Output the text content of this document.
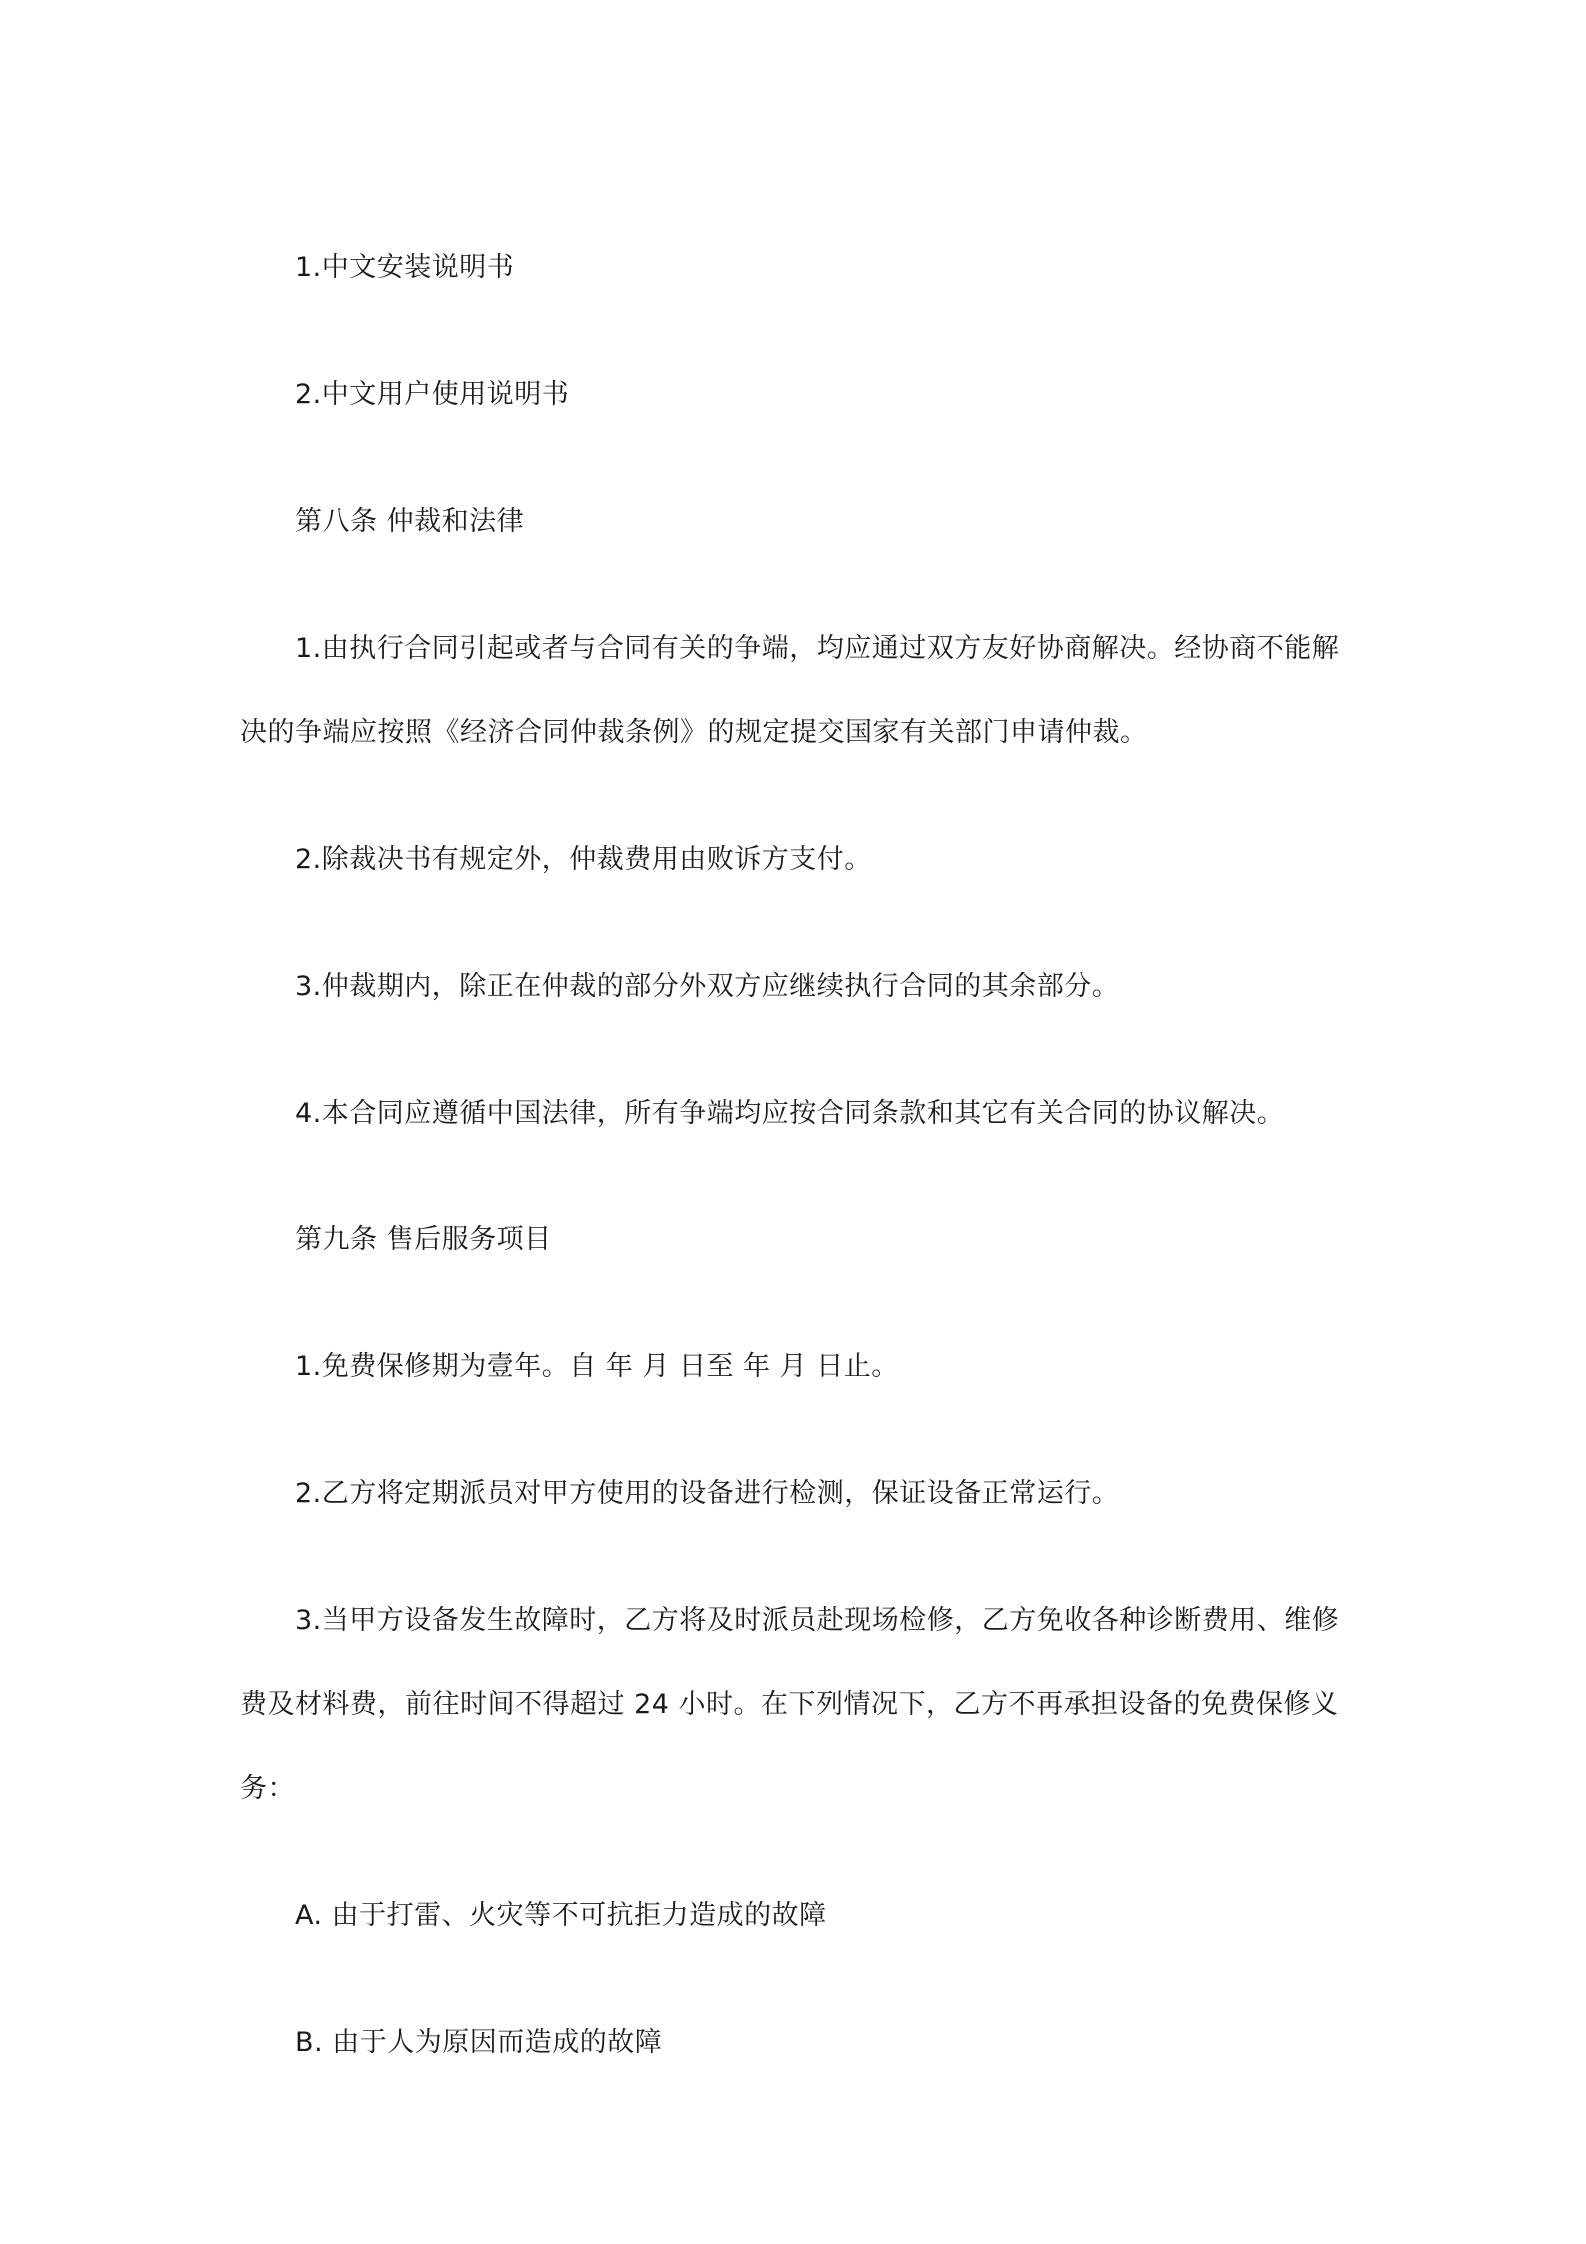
1.中文安装说明书

2.中文用户使用说明书

第八条 仲裁和法律

1.由执行合同引起或者与合同有关的争端，均应通过双方友好协商解决。经协商不能解

决的争端应按照《经济合同仲裁条例》的规定提交国家有关部门申请仲裁。

2.除裁决书有规定外，仲裁费用由败诉方支付。

3.仲裁期内，除正在仲裁的部分外双方应继续执行合同的其余部分。

4.本合同应遵循中国法律，所有争端均应按合同条款和其它有关合同的协议解决。

第九条 售后服务项目

1.免费保修期为壹年。自 年 月 日至 年 月 日止。

2.乙方将定期派员对甲方使用的设备进行检测，保证设备正常运行。

3.当甲方设备发生故障时，乙方将及时派员赴现场检修，乙方免收各种诊断费用、维修

费及材料费，前往时间不得超过 24 小时。在下列情况下，乙方不再承担设备的免费保修义

务：

A. 由于打雷、火灾等不可抗拒力造成的故障

B. 由于人为原因而造成的故障
